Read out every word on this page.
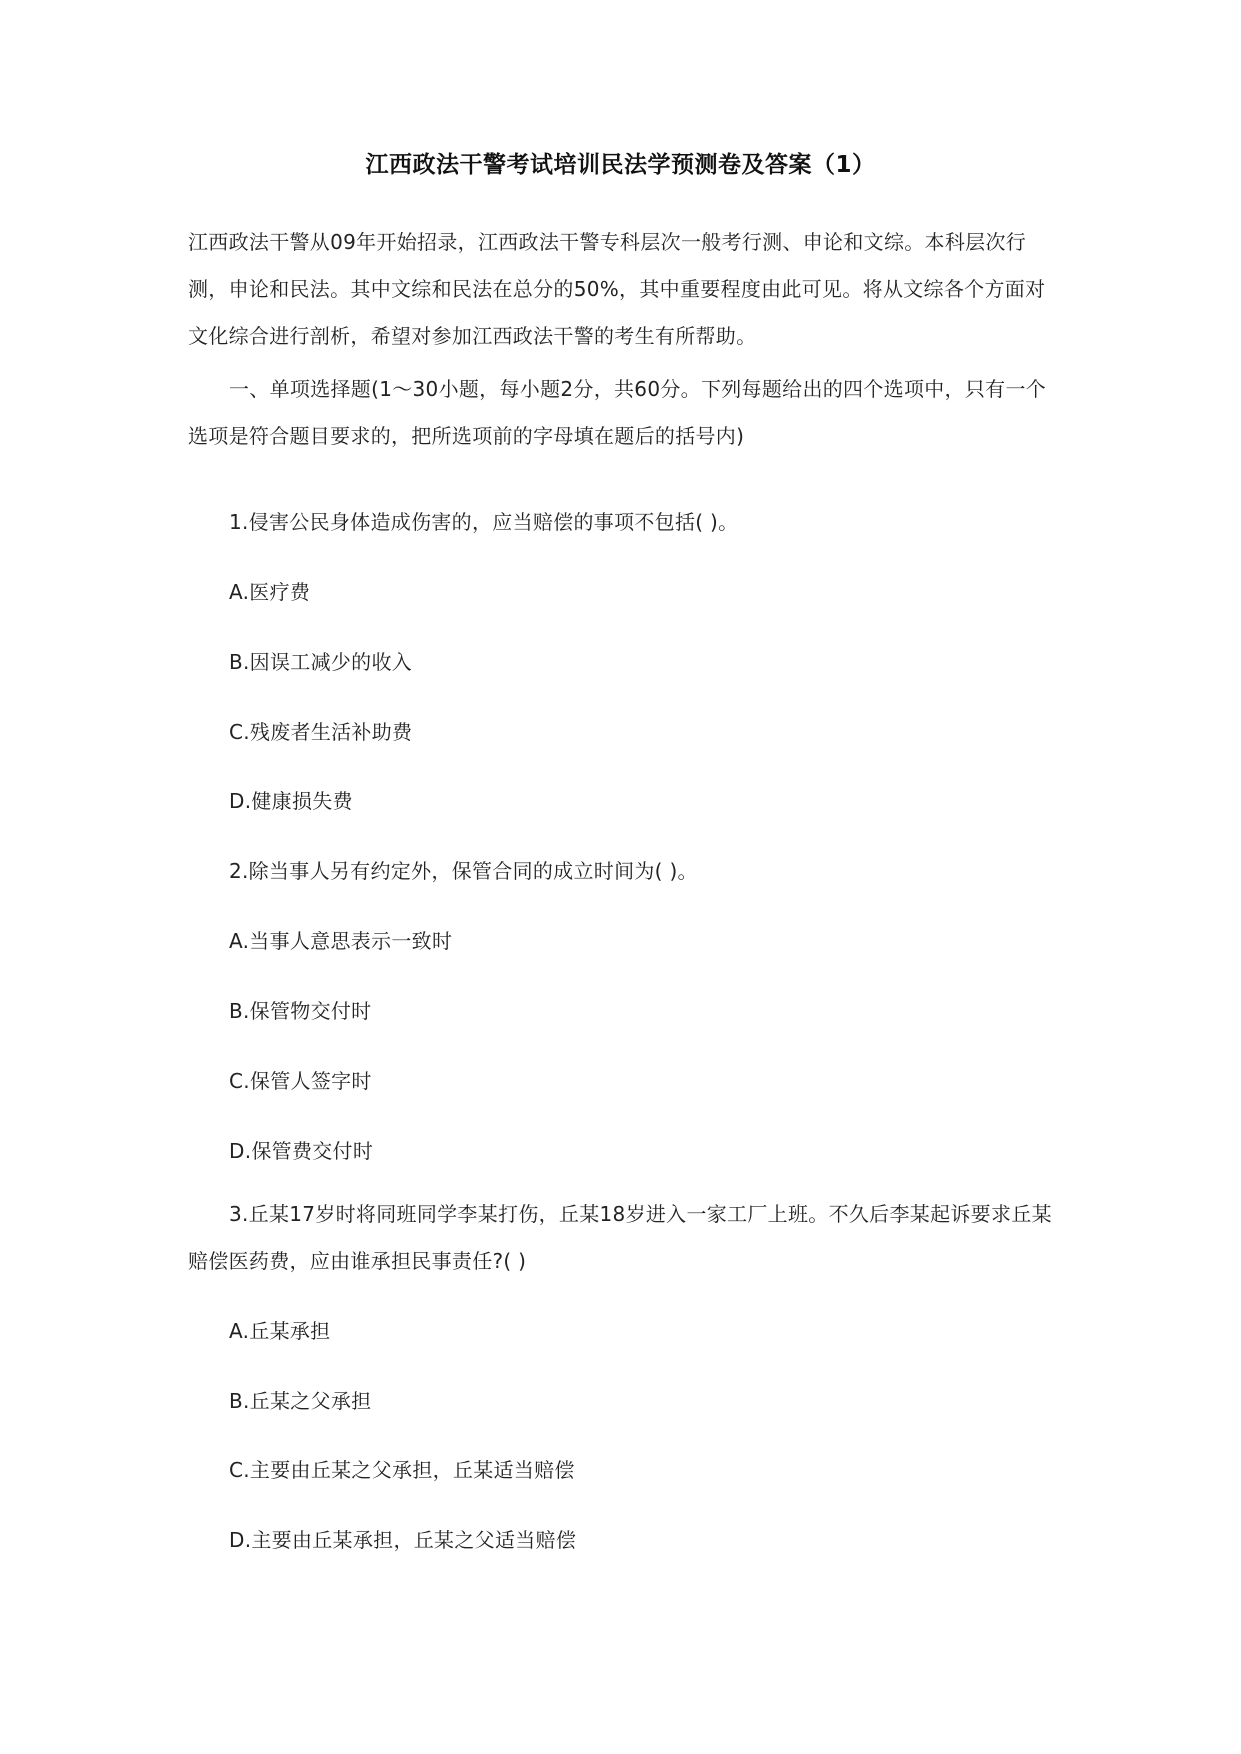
江西政法干警考试培训民法学预测卷及答案（1）

江西政法干警从09年开始招录，江西政法干警专科层次一般考行测、申论和文综。本科层次行测，申论和民法。其中文综和民法在总分的50%，其中重要程度由此可见。将从文综各个方面对文化综合进行剖析，希望对参加江西政法干警的考生有所帮助。

一、单项选择题(1～30小题，每小题2分，共60分。下列每题给出的四个选项中，只有一个选项是符合题目要求的，把所选项前的字母填在题后的括号内)

1.侵害公民身体造成伤害的，应当赔偿的事项不包括( )。
A.医疗费
B.因误工减少的收入
C.残废者生活补助费
D.健康损失费
2.除当事人另有约定外，保管合同的成立时间为( )。
A.当事人意思表示一致时
B.保管物交付时
C.保管人签字时
D.保管费交付时

3.丘某17岁时将同班同学李某打伤，丘某18岁进入一家工厂上班。不久后李某起诉要求丘某赔偿医药费，应由谁承担民事责任?( )

A.丘某承担
B.丘某之父承担
C.主要由丘某之父承担，丘某适当赔偿
D.主要由丘某承担，丘某之父适当赔偿
